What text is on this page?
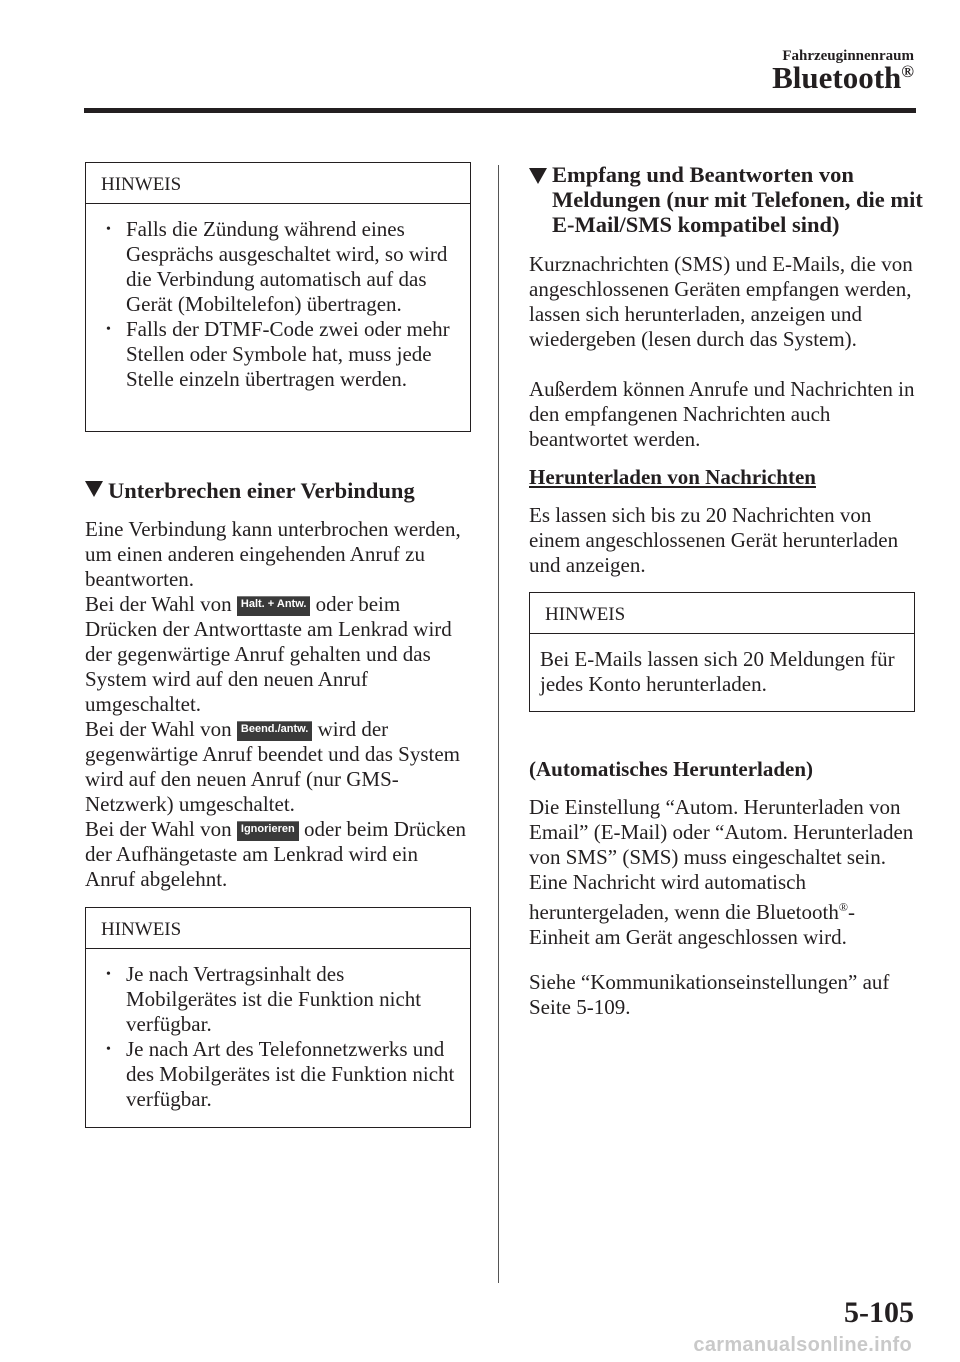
Fahrzeuginnenraum
Bluetooth®
HINWEIS
• Falls die Zündung während eines Gesprächs ausgeschaltet wird, so wird die Verbindung automatisch auf das Gerät (Mobiltelefon) übertragen.
• Falls der DTMF-Code zwei oder mehr Stellen oder Symbole hat, muss jede Stelle einzeln übertragen werden.
Unterbrechen einer Verbindung
Eine Verbindung kann unterbrochen werden, um einen anderen eingehenden Anruf zu beantworten.
Bei der Wahl von Halt. + Antw. oder beim Drücken der Antworttaste am Lenkrad wird der gegenwärtige Anruf gehalten und das System wird auf den neuen Anruf umgeschaltet.
Bei der Wahl von Beend./antw. wird der gegenwärtige Anruf beendet und das System wird auf den neuen Anruf (nur GMS-Netzwerk) umgeschaltet.
Bei der Wahl von Ignorieren oder beim Drücken der Aufhängetaste am Lenkrad wird ein Anruf abgelehnt.
HINWEIS
• Je nach Vertragsinhalt des Mobilgerätes ist die Funktion nicht verfügbar.
• Je nach Art des Telefonnetzwerks und des Mobilgerätes ist die Funktion nicht verfügbar.
Empfang und Beantworten von Meldungen (nur mit Telefonen, die mit E-Mail/SMS kompatibel sind)
Kurznachrichten (SMS) und E-Mails, die von angeschlossenen Geräten empfangen werden, lassen sich herunterladen, anzeigen und wiedergeben (lesen durch das System).
Außerdem können Anrufe und Nachrichten in den empfangenen Nachrichten auch beantwortet werden.
Herunterladen von Nachrichten
Es lassen sich bis zu 20 Nachrichten von einem angeschlossenen Gerät herunterladen und anzeigen.
HINWEIS
Bei E-Mails lassen sich 20 Meldungen für jedes Konto herunterladen.
(Automatisches Herunterladen)
Die Einstellung “Autom. Herunterladen von Email” (E-Mail) oder “Autom. Herunterladen von SMS” (SMS) muss eingeschaltet sein. Eine Nachricht wird automatisch heruntergeladen, wenn die Bluetooth®-Einheit am Gerät angeschlossen wird.
Siehe “Kommunikationseinstellungen” auf Seite 5-109.
5-105
carmanualsonline.info
